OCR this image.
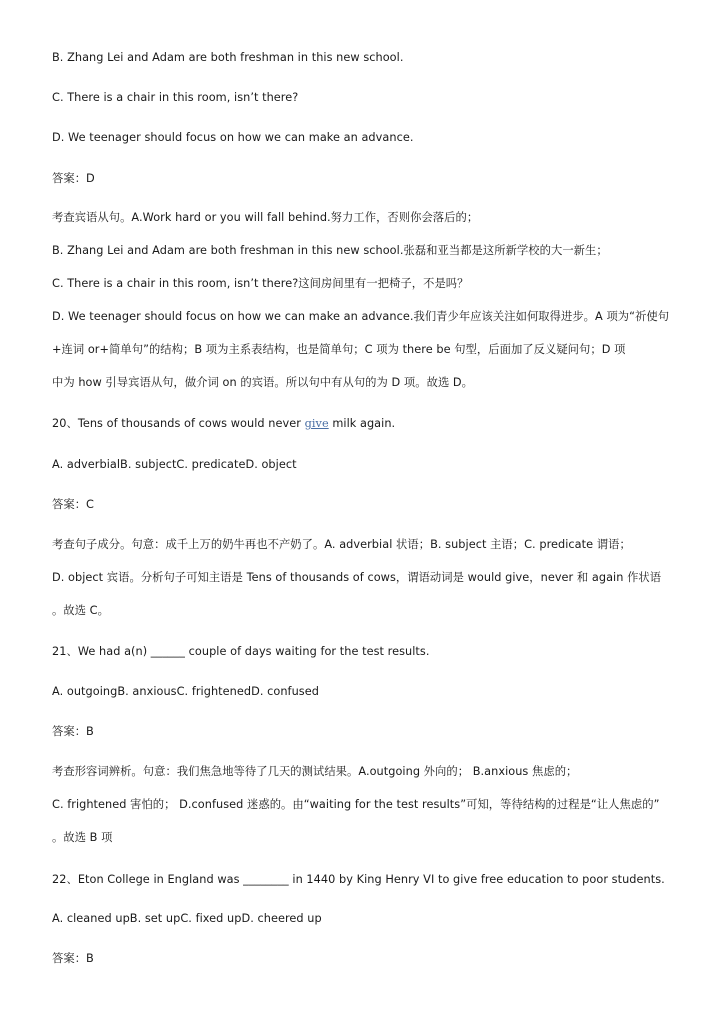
B. Zhang Lei and Adam are both freshman in this new school.
C. There is a chair in this room, isn’t there?
D. We teenager should focus on how we can make an advance.
答案：D
考查宾语从句。A.Work hard or you will fall behind.努力工作，否则你会落后的；
B. Zhang Lei and Adam are both freshman in this new school.张磊和亚当都是这所新学校的大一新生；
C. There is a chair in this room, isn’t there?这间房间里有一把椅子，不是吗？
D. We teenager should focus on how we can make an advance.我们青少年应该关注如何取得进步。A 项为“祈使句
+连词 or+简单句”的结构；B 项为主系表结构，也是简单句；C 项为 there be 句型，后面加了反义疑问句；D 项
中为 how 引导宾语从句，做介词 on 的宾语。所以句中有从句的为 D 项。故选 D。
20、Tens of thousands of cows would never give milk again.
A. adverbialB. subjectC. predicateD. object
答案：C
考查句子成分。句意：成千上万的奶牛再也不产奶了。A. adverbial 状语；B. subject 主语；C. predicate 谓语；
D. object 宾语。分析句子可知主语是 Tens of thousands of cows，谓语动词是 would give，never 和 again 作状语
。故选 C。
21、We had a(n) ______ couple of days waiting for the test results.
A. outgoingB. anxiousC. frightenedD. confused
答案：B
考查形容词辨析。句意：我们焦急地等待了几天的测试结果。A.outgoing 外向的； B.anxious 焦虑的；
C. frightened 害怕的； D.confused 迷惑的。由“waiting for the test results”可知，等待结构的过程是“让人焦虑的”
。故选 B 项
22、Eton College in England was ________ in 1440 by King Henry VI to give free education to poor students.
A. cleaned upB. set upC. fixed upD. cheered up
答案：B
